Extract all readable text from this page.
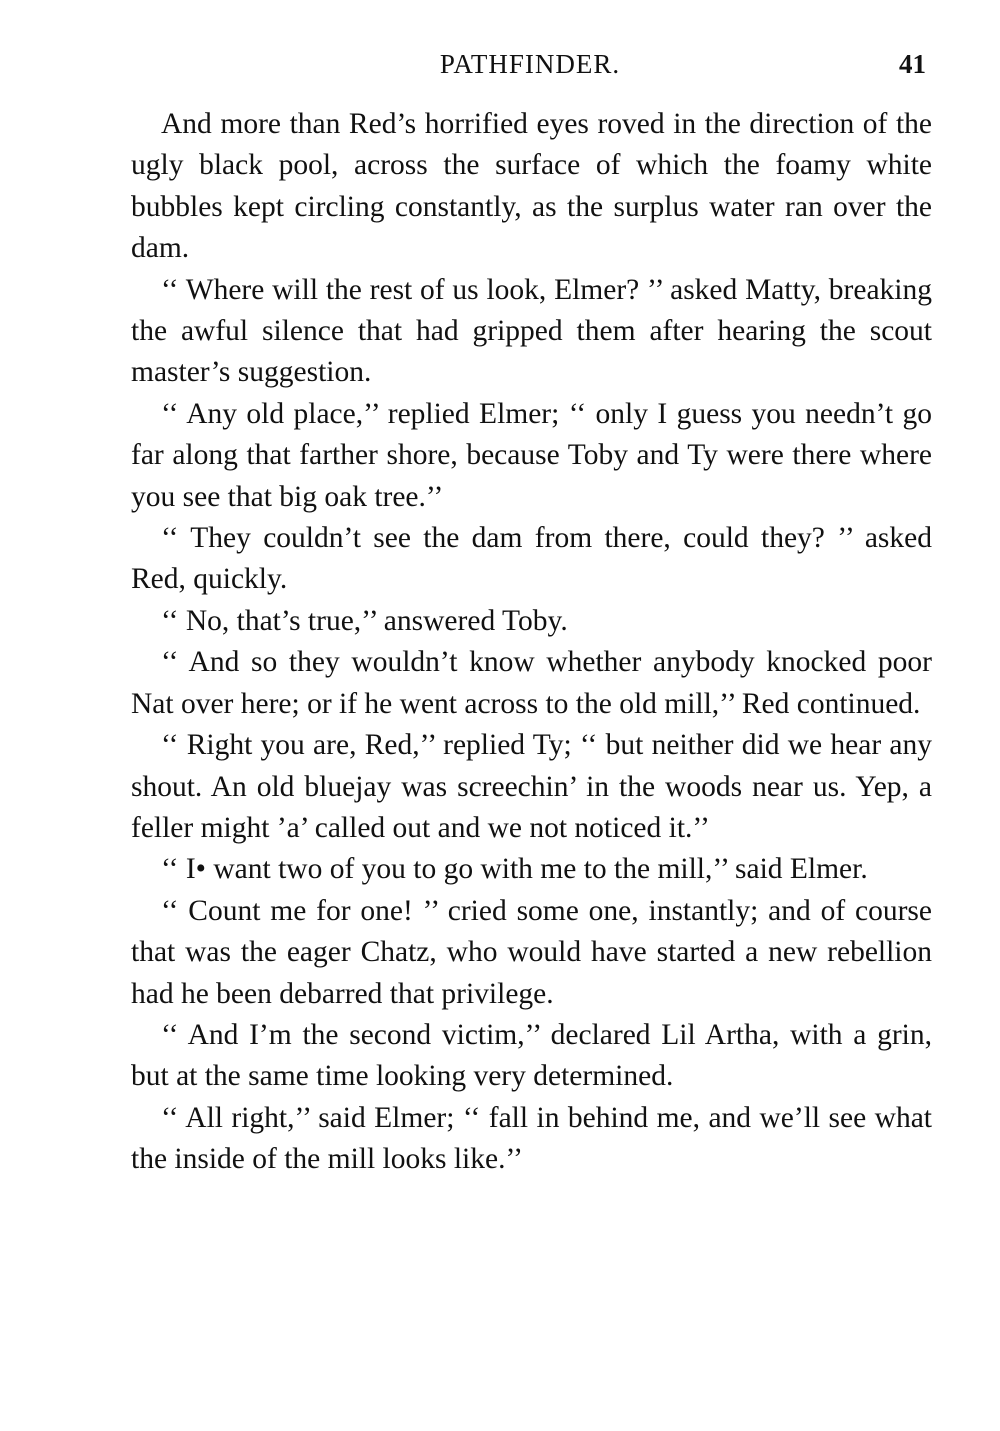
PATHFINDER.	41

And more than Red’s horrified eyes roved in the direction of the ugly black pool, across the surface of which the foamy white bubbles kept circling constantly, as the surplus water ran over the dam.

‘‘ Where will the rest of us look, Elmer? ’’ asked Matty, breaking the awful silence that had gripped them after hearing the scout master’s suggestion.

‘‘ Any old place,’’ replied Elmer; ‘‘ only I guess you needn’t go far along that farther shore, because Toby and Ty were there where you see that big oak tree.’’

‘‘ They couldn’t see the dam from there, could they? ’’ asked Red, quickly.

‘‘ No, that’s true,’’ answered Toby.

‘‘ And so they wouldn’t know whether anybody knocked poor Nat over here; or if he went across to the old mill,’’ Red continued.

‘‘ Right you are, Red,’’ replied Ty; ‘‘ but neither did we hear any shout. An old bluejay was screechin’ in the woods near us. Yep, a feller might ’a’ called out and we not noticed it.’’

‘‘ I• want two of you to go with me to the mill,’’ said Elmer.

‘‘ Count me for one! ’’ cried some one, instantly; and of course that was the eager Chatz, who would have started a new rebellion had he been debarred that privilege.

‘‘ And I’m the second victim,’’ declared Lil Artha, with a grin, but at the same time looking very determined.

‘‘ All right,’’ said Elmer; ‘‘ fall in behind me, and we’ll see what the inside of the mill looks like.’’
